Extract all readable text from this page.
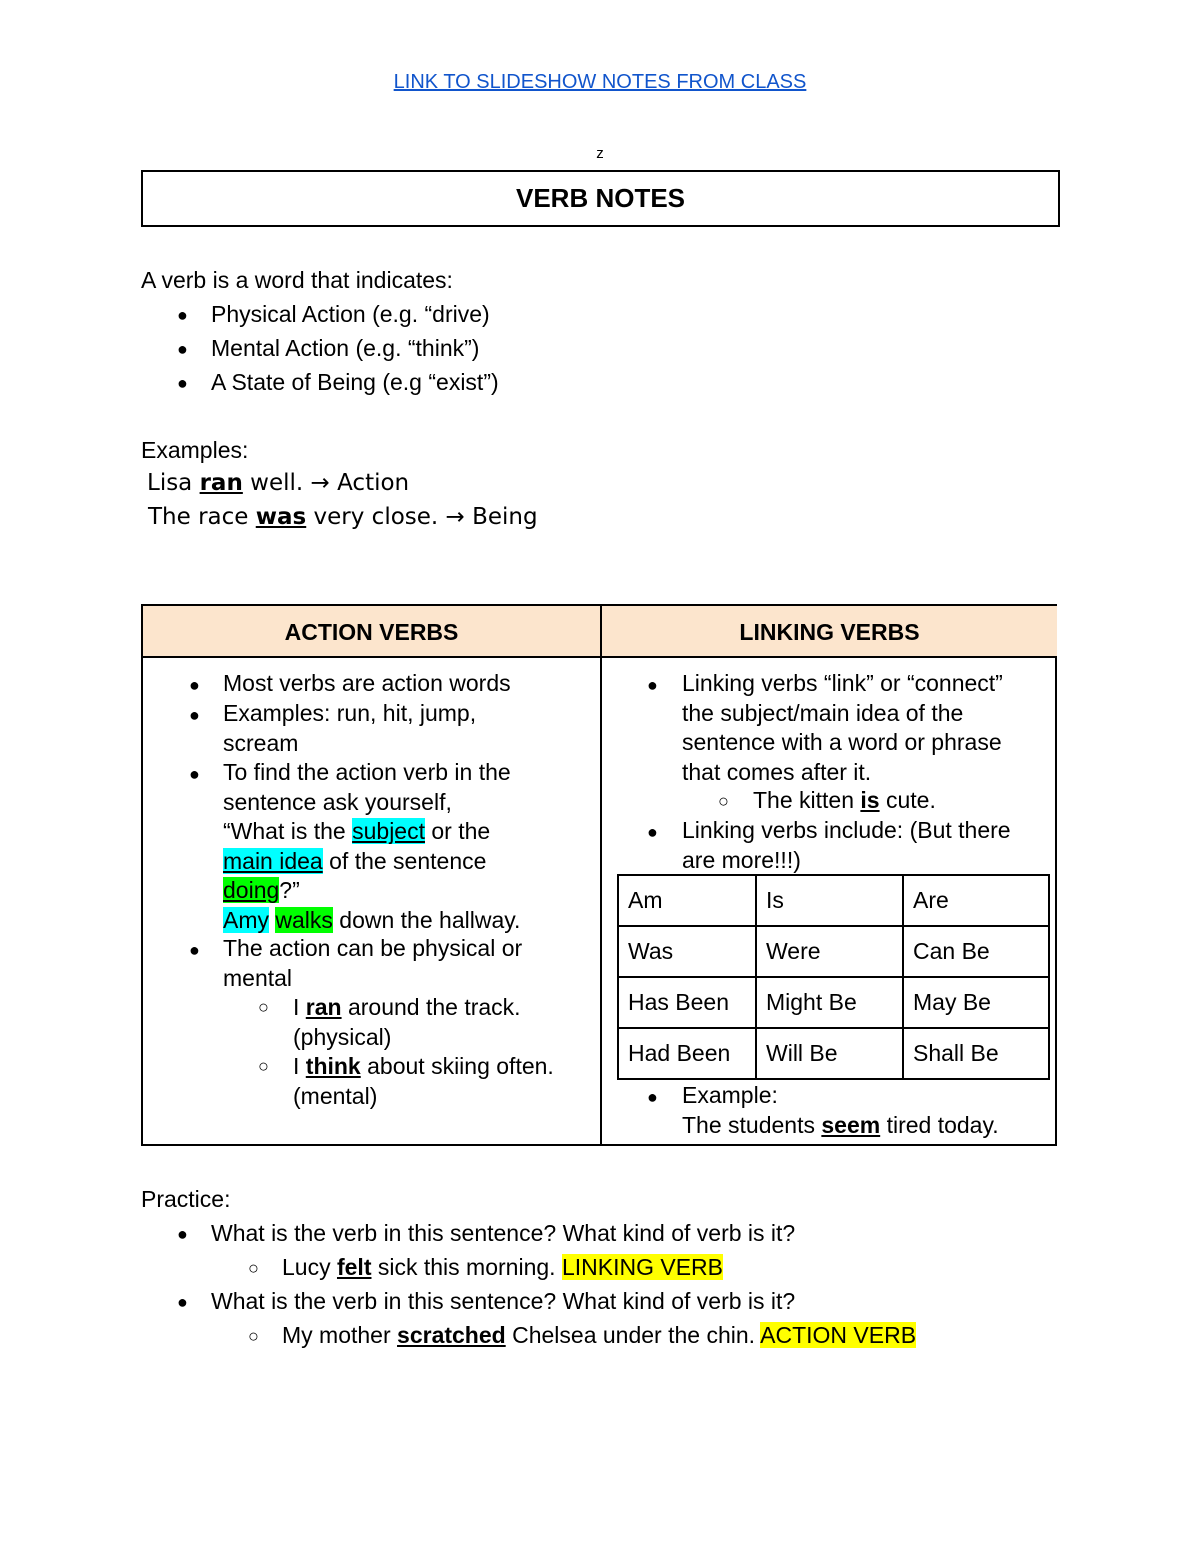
LINK TO SLIDESHOW NOTES FROM CLASS
z
VERB NOTES
A verb is a word that indicates:
● Physical Action (e.g. “drive)
● Mental Action (e.g. “think”)
● A State of Being (e.g “exist”)
Examples:
Lisa ran well. → Action
The race was very close. → Being
ACTION VERBS	LINKING VERBS
● Most verbs are action words
● Examples: run, hit, jump,
scream
● To find the action verb in the
sentence ask yourself,
“What is the subject or the
main idea of the sentence
doing?”
Amy walks down the hallway.
● The action can be physical or
mental
○ I ran around the track.
(physical)
○ I think about skiing often.
(mental)
● Linking verbs “link” or “connect”
the subject/main idea of the
sentence with a word or phrase
that comes after it.
○ The kitten is cute.
● Linking verbs include: (But there
are more!!!)
Am	Is	Are
Was	Were	Can Be
Has Been	Might Be	May Be
Had Been	Will Be	Shall Be
● Example:
The students seem tired today.
Practice:
● What is the verb in this sentence? What kind of verb is it?
○ Lucy felt sick this morning. LINKING VERB
● What is the verb in this sentence? What kind of verb is it?
○ My mother scratched Chelsea under the chin. ACTION VERB
